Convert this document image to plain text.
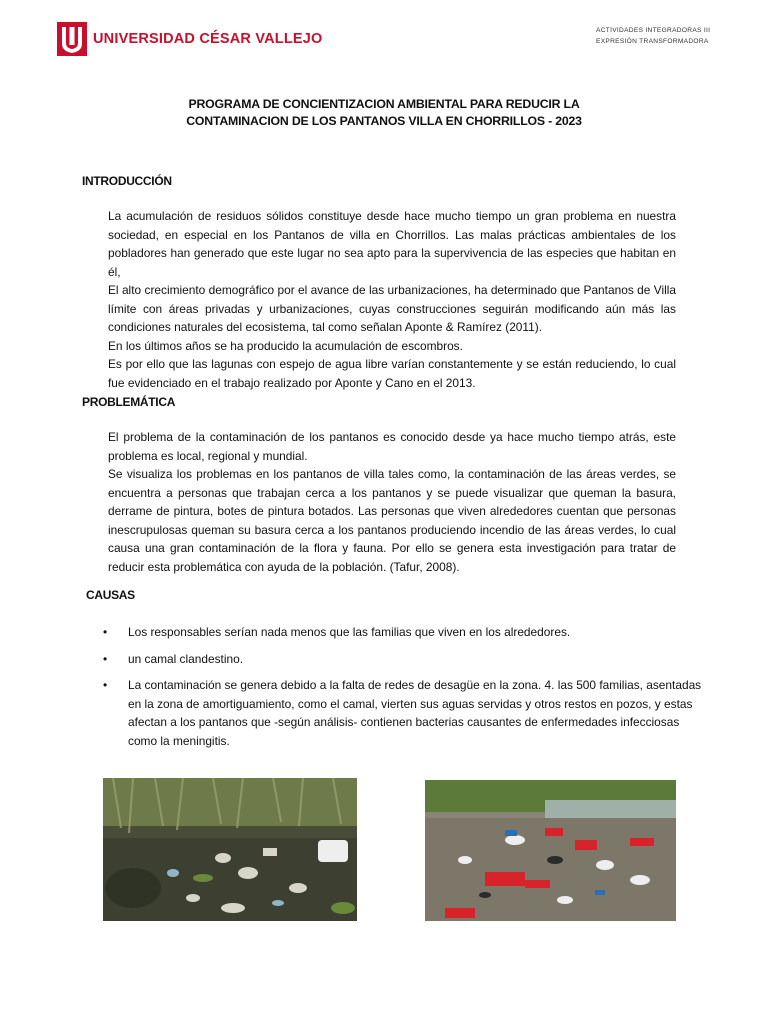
UNIVERSIDAD CÉSAR VALLEJO
ACTIVIDADES INTEGRADORAS III
EXPRESIÓN TRANSFORMADORA
PROGRAMA DE CONCIENTIZACION AMBIENTAL PARA REDUCIR LA
CONTAMINACION DE LOS PANTANOS VILLA EN CHORRILLOS - 2023
INTRODUCCIÓN

La acumulación de residuos sólidos constituye desde hace mucho tiempo un gran problema en nuestra sociedad, en especial en los Pantanos de villa en Chorrillos. Las malas prácticas ambientales de los pobladores han generado que este lugar no sea apto para la supervivencia de las especies que habitan en él,

El alto crecimiento demográfico por el avance de las urbanizaciones, ha determinado que Pantanos de Villa límite con áreas privadas y urbanizaciones, cuyas construcciones seguirán modificando aún más las condiciones naturales del ecosistema, tal como señalan Aponte & Ramírez (2011).

En los últimos años se ha producido la acumulación de escombros.

Es por ello que las lagunas con espejo de agua libre varían constantemente y se están reduciendo, lo cual fue evidenciado en el trabajo realizado por Aponte y Cano en el 2013.

PROBLEMÁTICA

El problema de la contaminación de los pantanos es conocido desde ya hace mucho tiempo atrás, este problema es local, regional y mundial.

Se visualiza los problemas en los pantanos de villa tales como, la contaminación de las áreas verdes, se encuentra a personas que trabajan cerca a los pantanos y se puede visualizar que queman la basura, derrame de pintura, botes de pintura botados. Las personas que viven alrededores cuentan que personas inescrupulosas queman su basura cerca a los pantanos produciendo incendio de las áreas verdes, lo cual causa una gran contaminación de la flora y fauna. Por ello se genera esta investigación para tratar de reducir esta problemática con ayuda de la población. (Tafur, 2008).

CAUSAS
• Los responsables serían nada menos que las familias que viven en los alrededores.
• un camal clandestino.
• La contaminación se genera debido a la falta de redes de desagüe en la zona. 4. las 500 familias, asentadas en la zona de amortiguamiento, como el camal, vierten sus aguas servidas y otros restos en pozos, y estas afectan a los pantanos que -según análisis- contienen bacterias causantes de enfermedades infecciosas como la meningitis.
